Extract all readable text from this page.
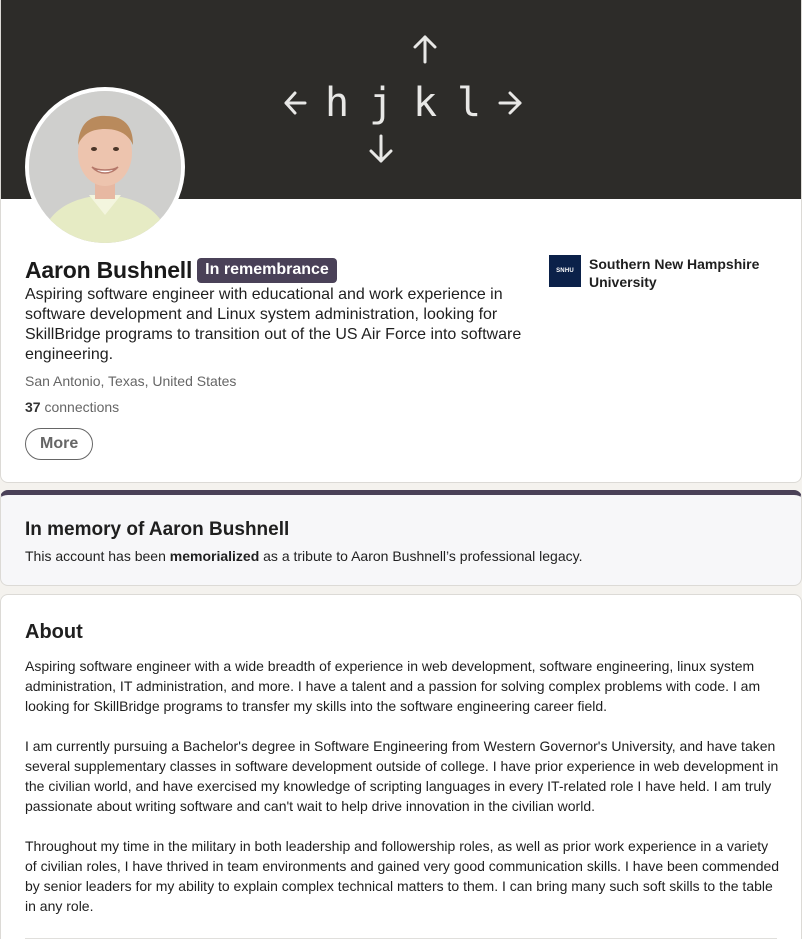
h j k l
Aaron Bushnell In remembrance
Aspiring software engineer with educational and work experience in software development and Linux system administration, looking for SkillBridge programs to transition out of the US Air Force into software engineering.
San Antonio, Texas, United States
37 connections
More
SNHU Southern New Hampshire University
In memory of Aaron Bushnell

This account has been memorialized as a tribute to Aaron Bushnell’s professional legacy.

About

Aspiring software engineer with a wide breadth of experience in web development, software engineering, linux system administration, IT administration, and more. I have a talent and a passion for solving complex problems with code. I am looking for SkillBridge programs to transfer my skills into the software engineering career field.

I am currently pursuing a Bachelor's degree in Software Engineering from Western Governor's University, and have taken several supplementary classes in software development outside of college. I have prior experience in web development in the civilian world, and have exercised my knowledge of scripting languages in every IT-related role I have held. I am truly passionate about writing software and can't wait to help drive innovation in the civilian world.

Throughout my time in the military in both leadership and followership roles, as well as prior work experience in a variety of civilian roles, I have thrived in team environments and gained very good communication skills. I have been commended by senior leaders for my ability to explain complex technical matters to them. I can bring many such soft skills to the table in any role.
